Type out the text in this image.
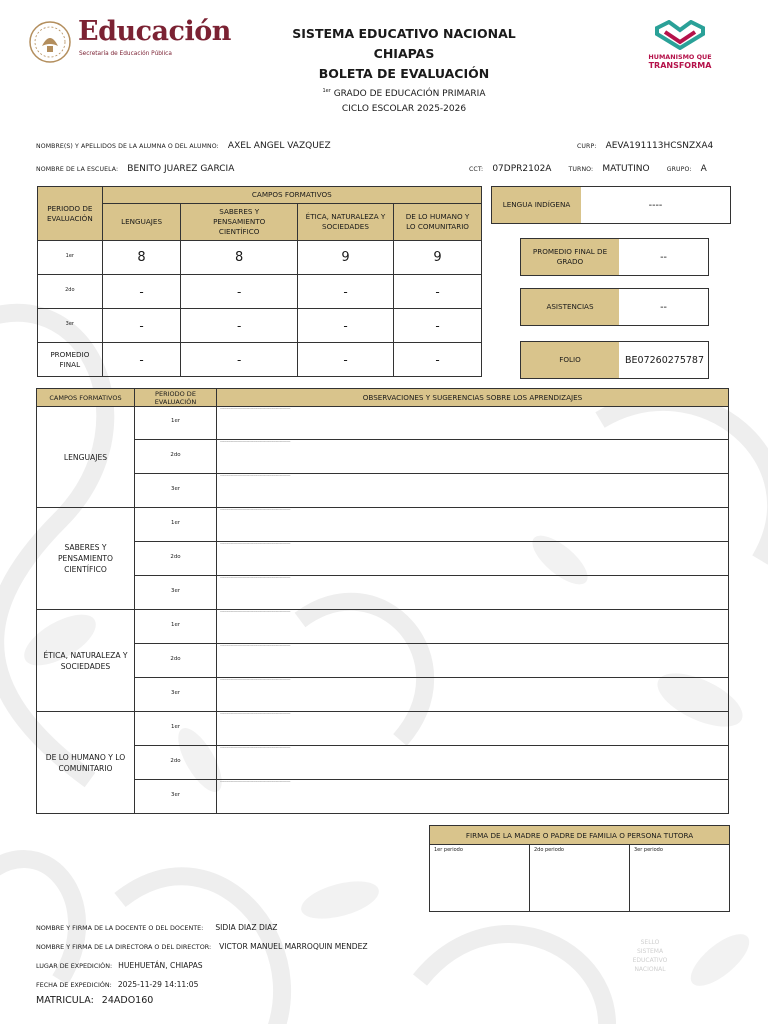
Educación
Secretaría de Educación Pública	HUMANISMO QUE
TRANSFORMA
SISTEMA EDUCATIVO NACIONAL
CHIAPAS
BOLETA DE EVALUACIÓN
$^{1er}$ GRADO DE EDUCACIÓN PRIMARIA
CICLO ESCOLAR 2025-2026
NOMBRE(S) Y APELLIDOS DE LA ALUMNA O DEL ALUMNO: AXEL ANGEL VAZQUEZ	CURP: AEVA191113HCSNZXA4
NOMBRE DE LA ESCUELA: BENITO JUAREZ GARCIA	CCT: 07DPR2102A	TURNO: MATUTINO	GRUPO: A
PERIODO DE EVALUACIÓN	CAMPOS FORMATIVOS			
	LENGUAJES	SABERES Y PENSAMIENTO CIENTÍFICO	ÉTICA, NATURALEZA Y SOCIEDADES	DE LO HUMANO Y LO COMUNITARIO
$^{1er}$	8	8	9	9
$^{2do}$	-	-	-	-
$^{3er}$	-	-	-	-
PROMEDIO FINAL	-	-	-	-
LENGUA INDÍGENA	----
PROMEDIO FINAL DE GRADO	--
ASISTENCIAS	--
FOLIO	BE07260275787
CAMPOS FORMATIVOS	PERIODO DE EVALUACIÓN	OBSERVACIONES Y SUGERENCIAS SOBRE LOS APRENDIZAJES
LENGUAJES	$^{1er}$	-----------------------------------------------------
	$^{2do}$	-----------------------------------------------------
	$^{3er}$	-----------------------------------------------------
SABERES Y PENSAMIENTO CIENTÍFICO	$^{1er}$	-----------------------------------------------------
	$^{2do}$	-----------------------------------------------------
	$^{3er}$	-----------------------------------------------------
ÉTICA, NATURALEZA Y SOCIEDADES	$^{1er}$	-----------------------------------------------------
	$^{2do}$	-----------------------------------------------------
	$^{3er}$	-----------------------------------------------------
DE LO HUMANO Y LO COMUNITARIO	$^{1er}$	-----------------------------------------------------
	$^{2do}$	-----------------------------------------------------
	$^{3er}$	-----------------------------------------------------
FIRMA DE LA MADRE O PADRE DE FAMILIA O PERSONA TUTORA
1er periodo	2do periodo	3er periodo
NOMBRE Y FIRMA DE LA DOCENTE O DEL DOCENTE: SIDIA DIAZ DIAZ
NOMBRE Y FIRMA DE LA DIRECTORA O DEL DIRECTOR: VICTOR MANUEL MARROQUIN MENDEZ
LUGAR DE EXPEDICIÓN: HUEHUETÁN, CHIAPAS
FECHA DE EXPEDICIÓN: 2025-11-29 14:11:05
MATRICULA: 24ADO160
SELLO
SISTEMA
EDUCATIVO
NACIONAL
